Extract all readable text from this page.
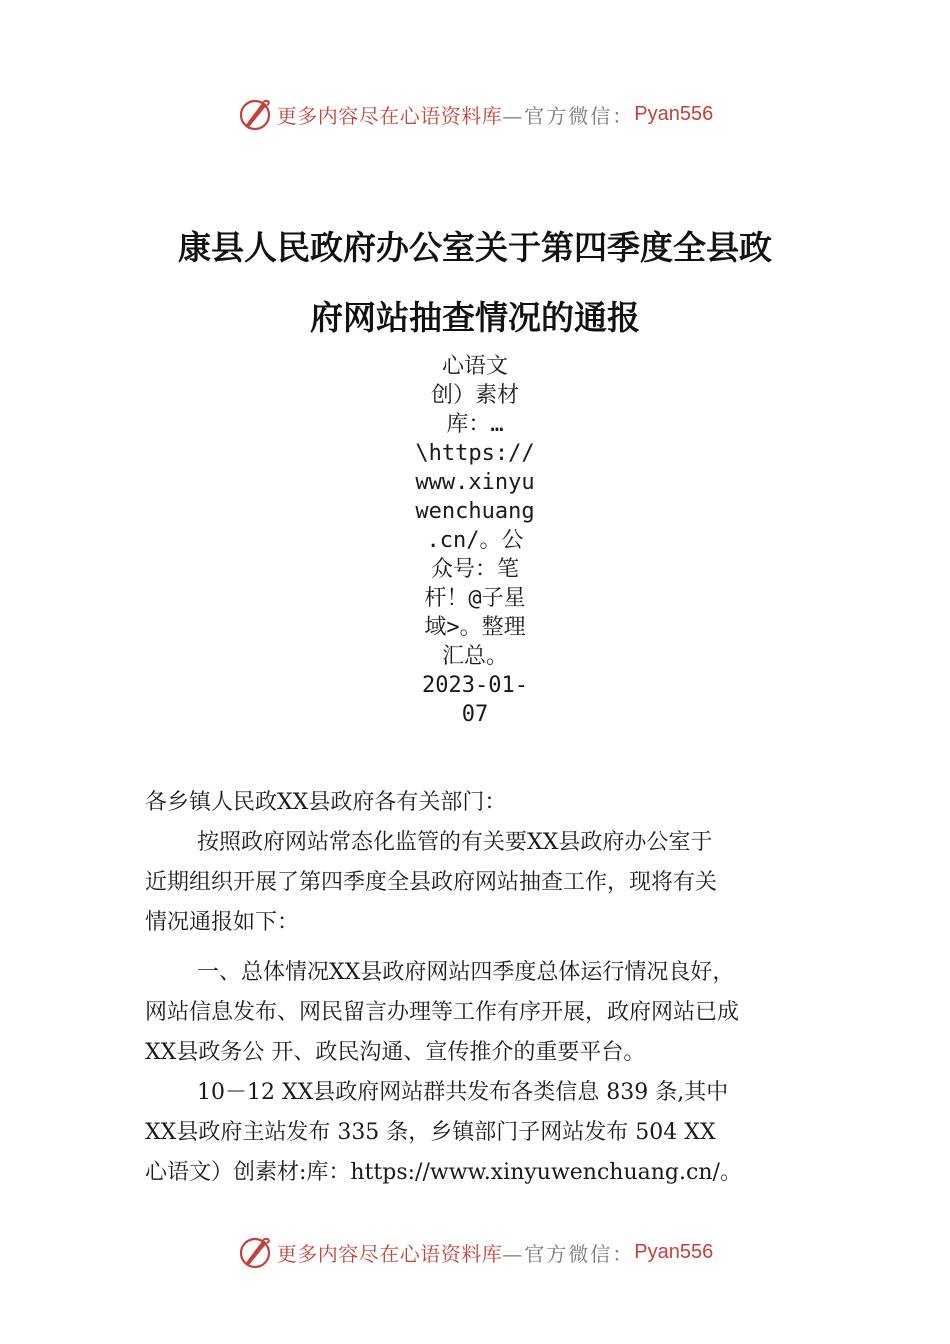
更多内容尽在心语资料库 —官方微信： Pyan556
康县人民政府办公室关于第四季度全县政
府网站抽查情况的通报
心语文
创）素材
库：…
\https://
www.xinyu
wenchuang
.cn/。公
众号：笔
杆！@子星
域>。整理
汇总。
2023-01-
07

各乡镇人民政XX县政府各有关部门：

按照政府网站常态化监管的有关要XX县政府办公室于

近期组织开展了第四季度全县政府网站抽查工作，现将有关

情况通报如下：

一、总体情况XX县政府网站四季度总体运行情况良好，

网站信息发布、网民留言办理等工作有序开展，政府网站已成

XX县政务公 开、政民沟通、宣传推介的重要平台。

10－12 XX县政府网站群共发布各类信息 839 条,其中

XX县政府主站发布 335 条，乡镇部门子网站发布 504 XX

心语文）创素材:库：https://www.xinyuwenchuang.cn/。

更多内容尽在心语资料库 —官方微信： Pyan556
